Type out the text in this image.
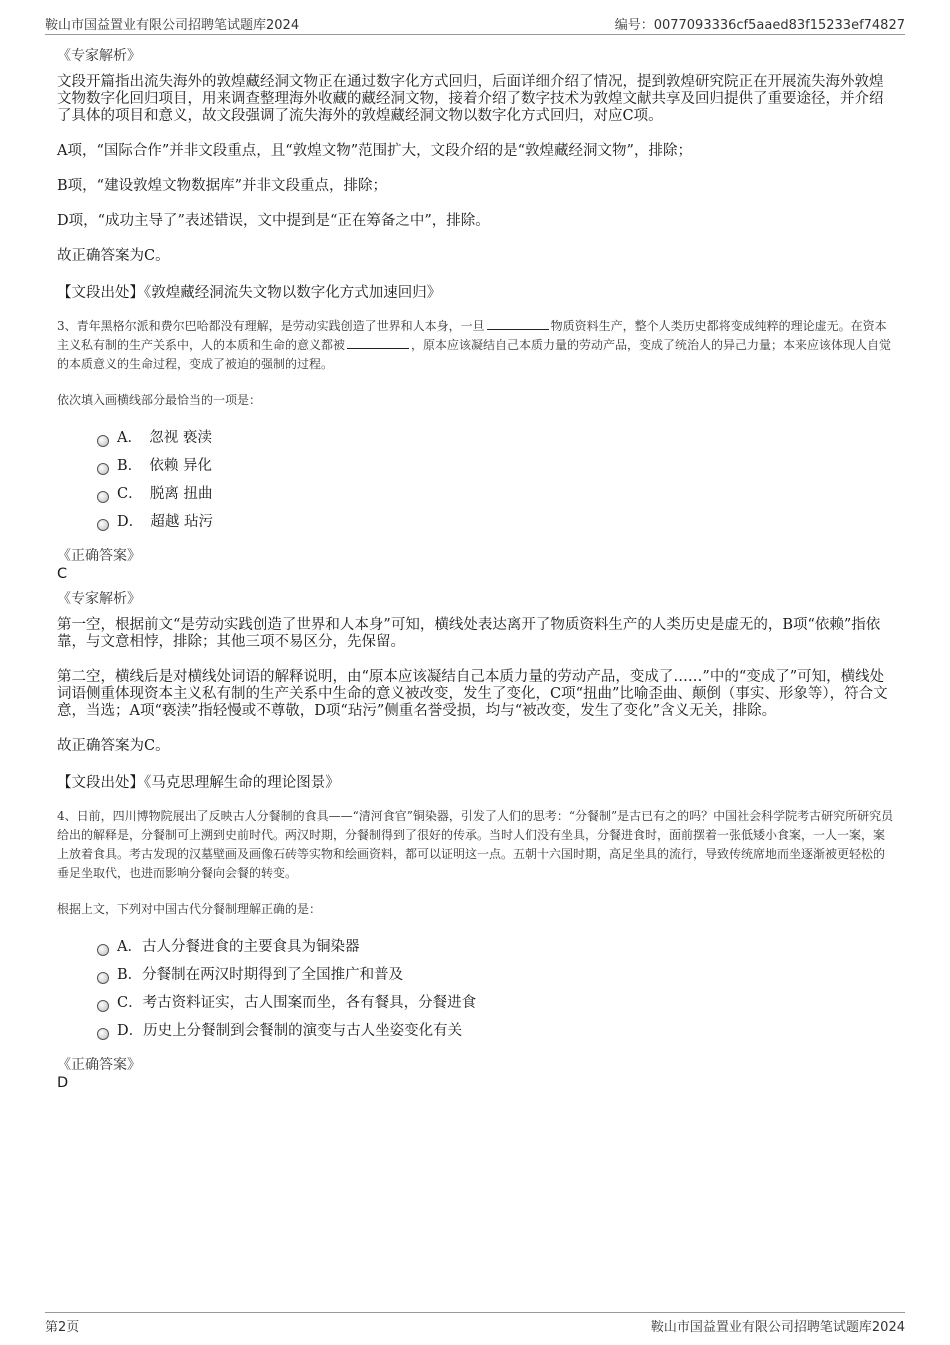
鞍山市国益置业有限公司招聘笔试题库2024	编号：0077093336cf5aaed83f15233ef74827
《专家解析》

文段开篇指出流失海外的敦煌藏经洞文物正在通过数字化方式回归，后面详细介绍了情况，提到敦煌研究院正在开展流失海外敦煌文物数字化回归项目，用来调查整理海外收藏的藏经洞文物，接着介绍了数字技术为敦煌文献共享及回归提供了重要途径，并介绍了具体的项目和意义，故文段强调了流失海外的敦煌藏经洞文物以数字化方式回归，对应C项。

A项，“国际合作”并非文段重点，且“敦煌文物”范围扩大，文段介绍的是“敦煌藏经洞文物”，排除；

B项，“建设敦煌文物数据库”并非文段重点，排除；

D项，“成功主导了”表述错误，文中提到是“正在筹备之中”，排除。

故正确答案为C。

【文段出处】《敦煌藏经洞流失文物以数字化方式加速回归》

3、青年黑格尔派和费尔巴哈都没有理解，是劳动实践创造了世界和人本身，一旦	物质资料生产，整个人类历史都将变成纯粹的理论虚无。在资本主义私有制的生产关系中，人的本质和生命的意义都被	，原本应该凝结自己本质力量的劳动产品，变成了统治人的异己力量；本来应该体现人自觉的本质意义的生命过程，变成了被迫的强制的过程。

依次填入画横线部分最恰当的一项是：

A．　忽视 亵渎
B．　依赖 异化
C．　脱离 扭曲
D．　超越 玷污
《正确答案》
C
《专家解析》

第一空，根据前文“是劳动实践创造了世界和人本身”可知，横线处表达离开了物质资料生产的人类历史是虚无的，B项“依赖”指依靠，与文意相悖，排除；其他三项不易区分，先保留。

第二空，横线后是对横线处词语的解释说明，由“原本应该凝结自己本质力量的劳动产品，变成了……”中的“变成了”可知，横线处词语侧重体现资本主义私有制的生产关系中生命的意义被改变，发生了变化，C项“扭曲”比喻歪曲、颠倒（事实、形象等），符合文意，当选；A项“亵渎”指轻慢或不尊敬，D项“玷污”侧重名誉受损，均与“被改变，发生了变化”含义无关，排除。

故正确答案为C。

【文段出处】《马克思理解生命的理论图景》

4、日前，四川博物院展出了反映古人分餐制的食具——“清河食官”铜染器，引发了人们的思考：“分餐制”是古已有之的吗？中国社会科学院考古研究所研究员给出的解释是，分餐制可上溯到史前时代。两汉时期，分餐制得到了很好的传承。当时人们没有坐具，分餐进食时，面前摆着一张低矮小食案，一人一案，案上放着食具。考古发现的汉墓壁画及画像石砖等实物和绘画资料，都可以证明这一点。五朝十六国时期，高足坐具的流行，导致传统席地而坐逐渐被更轻松的垂足坐取代，也进而影响分餐向会餐的转变。

根据上文，下列对中国古代分餐制理解正确的是：

A．古人分餐进食的主要食具为铜染器
B．分餐制在两汉时期得到了全国推广和普及
C．考古资料证实，古人围案而坐，各有餐具，分餐进食
D．历史上分餐制到会餐制的演变与古人坐姿变化有关
《正确答案》
D
第2页	鞍山市国益置业有限公司招聘笔试题库2024
